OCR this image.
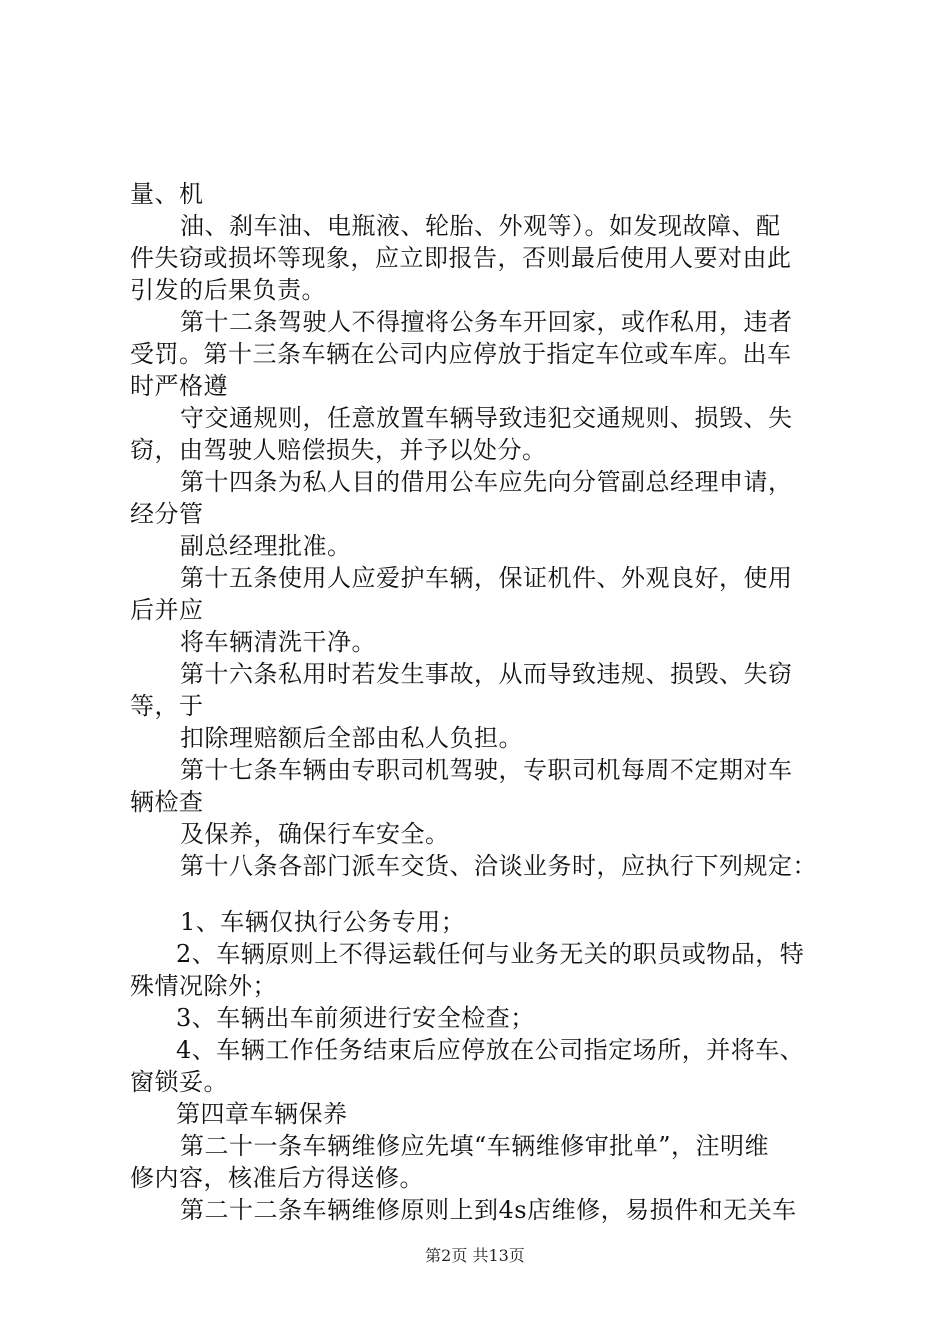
量、机
油、刹车油、电瓶液、轮胎、外观等）。如发现故障、配
件失窃或损坏等现象，应立即报告，否则最后使用人要对由此
引发的后果负责。
第十二条驾驶人不得擅将公务车开回家，或作私用，违者
受罚。第十三条车辆在公司内应停放于指定车位或车库。出车
时严格遵
守交通规则，任意放置车辆导致违犯交通规则、损毁、失
窃，由驾驶人赔偿损失，并予以处分。
第十四条为私人目的借用公车应先向分管副总经理申请，
经分管
副总经理批准。
第十五条使用人应爱护车辆，保证机件、外观良好，使用
后并应
将车辆清洗干净。
第十六条私用时若发生事故，从而导致违规、损毁、失窃
等，于
扣除理赔额后全部由私人负担。
第十七条车辆由专职司机驾驶，专职司机每周不定期对车
辆检查
及保养，确保行车安全。
第十八条各部门派车交货、洽谈业务时，应执行下列规定：
1、车辆仅执行公务专用；
2、车辆原则上不得运载任何与业务无关的职员或物品，特
殊情况除外；
3、车辆出车前须进行安全检查；
4、车辆工作任务结束后应停放在公司指定场所，并将车、
窗锁妥。
第四章车辆保养
第二十一条车辆维修应先填“车辆维修审批单”，注明维
修内容，核准后方得送修。
第二十二条车辆维修原则上到4s店维修，易损件和无关车
第2页 共13页
